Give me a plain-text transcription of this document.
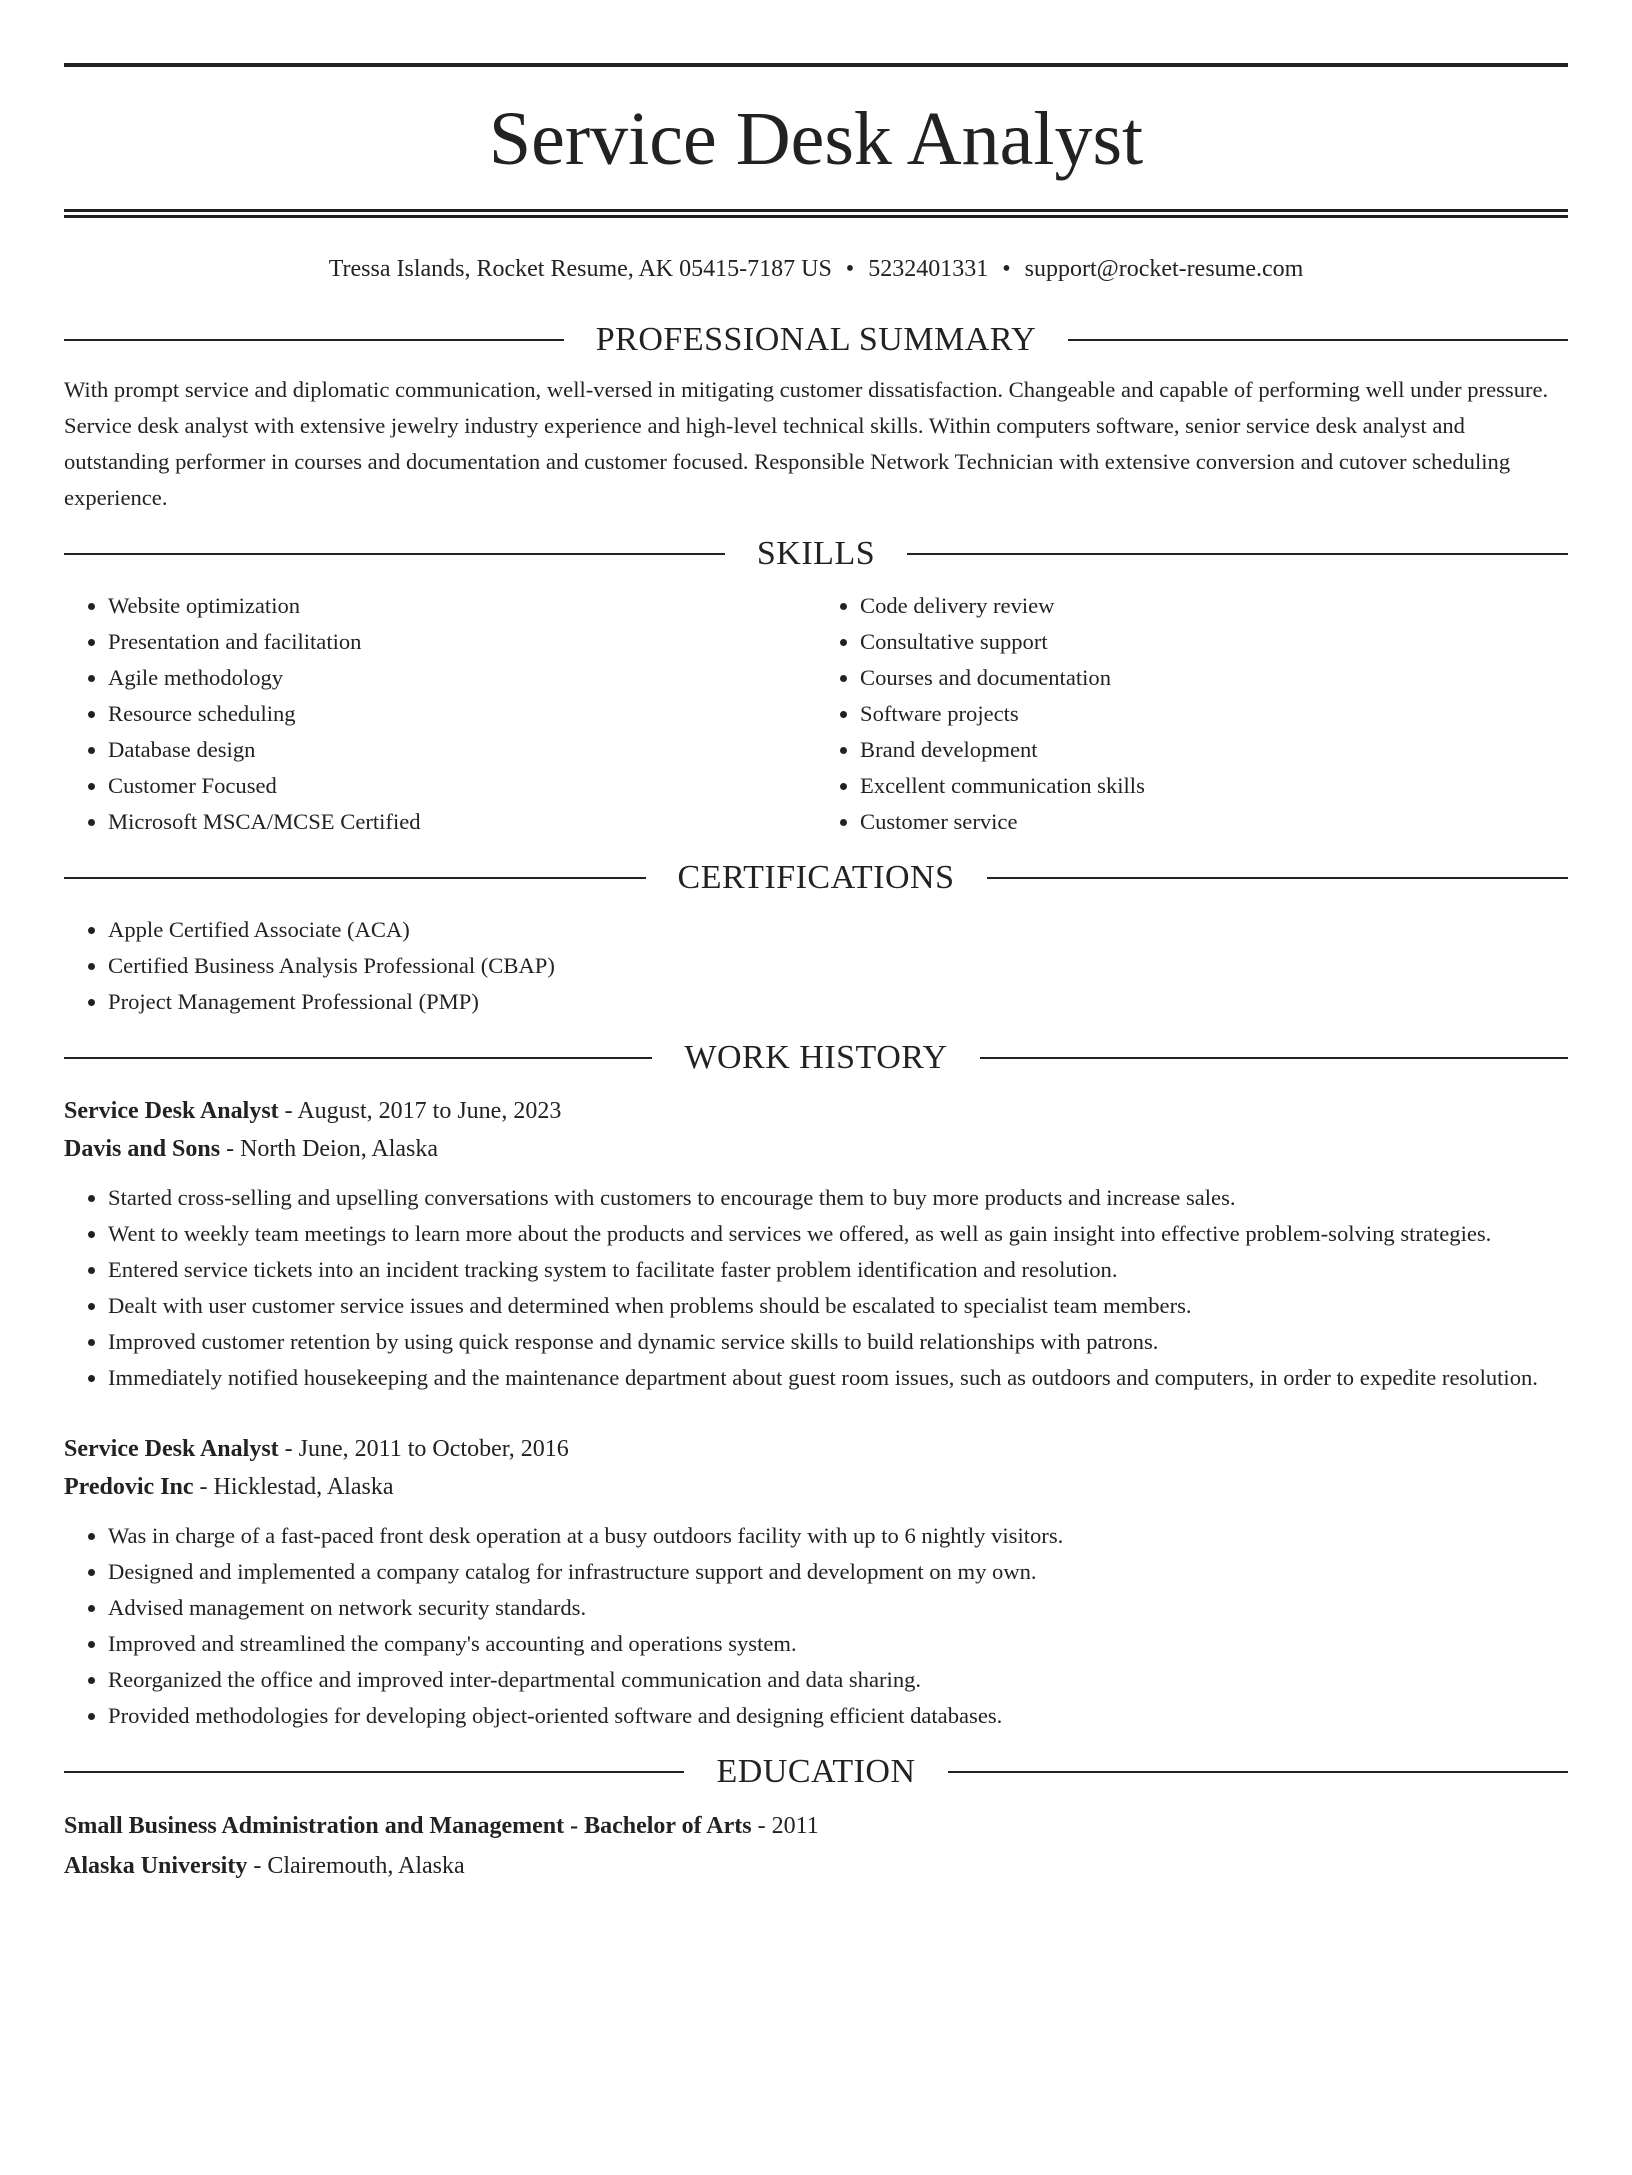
Service Desk Analyst
Tressa Islands, Rocket Resume, AK 05415-7187 US • 5232401331 • support@rocket-resume.com
PROFESSIONAL SUMMARY

With prompt service and diplomatic communication, well-versed in mitigating customer dissatisfaction. Changeable and capable of performing well under pressure. Service desk analyst with extensive jewelry industry experience and high-level technical skills. Within computers software, senior service desk analyst and outstanding performer in courses and documentation and customer focused. Responsible Network Technician with extensive conversion and cutover scheduling experience.

SKILLS
• Website optimization
• Presentation and facilitation
• Agile methodology
• Resource scheduling
• Database design
• Customer Focused
• Microsoft MSCA/MCSE Certified
• Code delivery review
• Consultative support
• Courses and documentation
• Software projects
• Brand development
• Excellent communication skills
• Customer service
CERTIFICATIONS
• Apple Certified Associate (ACA)
• Certified Business Analysis Professional (CBAP)
• Project Management Professional (PMP)
WORK HISTORY
Service Desk Analyst - August, 2017 to June, 2023
Davis and Sons - North Deion, Alaska
• Started cross-selling and upselling conversations with customers to encourage them to buy more products and increase sales.
• Went to weekly team meetings to learn more about the products and services we offered, as well as gain insight into effective problem-solving strategies.
• Entered service tickets into an incident tracking system to facilitate faster problem identification and resolution.
• Dealt with user customer service issues and determined when problems should be escalated to specialist team members.
• Improved customer retention by using quick response and dynamic service skills to build relationships with patrons.
• Immediately notified housekeeping and the maintenance department about guest room issues, such as outdoors and computers, in order to expedite resolution.
Service Desk Analyst - June, 2011 to October, 2016
Predovic Inc - Hicklestad, Alaska
• Was in charge of a fast-paced front desk operation at a busy outdoors facility with up to 6 nightly visitors.
• Designed and implemented a company catalog for infrastructure support and development on my own.
• Advised management on network security standards.
• Improved and streamlined the company's accounting and operations system.
• Reorganized the office and improved inter-departmental communication and data sharing.
• Provided methodologies for developing object-oriented software and designing efficient databases.
EDUCATION
Small Business Administration and Management - Bachelor of Arts - 2011
Alaska University - Clairemouth, Alaska
